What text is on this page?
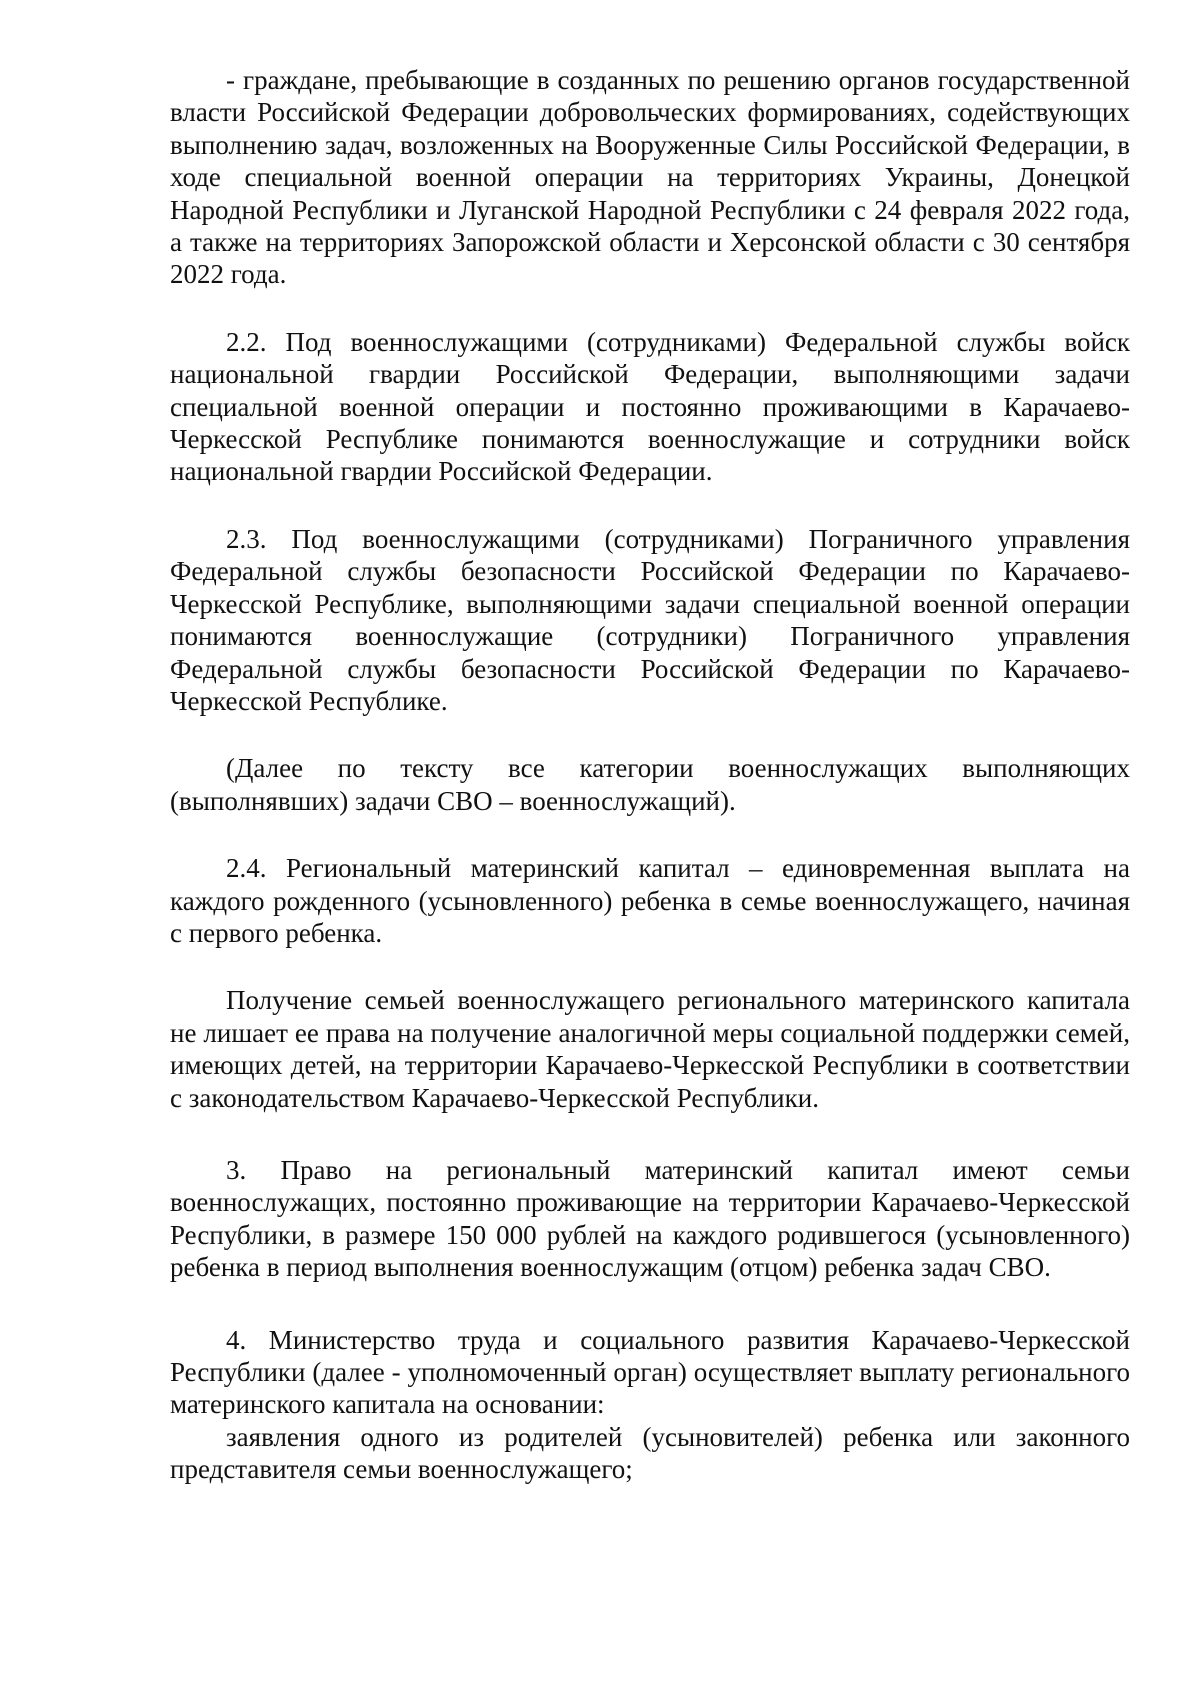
- граждане, пребывающие в созданных по решению органов государственной власти Российской Федерации добровольческих формированиях, содействующих выполнению задач, возложенных на Вооруженные Силы Российской Федерации, в ходе специальной военной операции на территориях Украины, Донецкой Народной Республики и Луганской Народной Республики с 24 февраля 2022 года, а также на территориях Запорожской области и Херсонской области с 30 сентября 2022 года.

2.2. Под военнослужащими (сотрудниками) Федеральной службы войск национальной гвардии Российской Федерации, выполняющими задачи специальной военной операции и постоянно проживающими в Карачаево-Черкесской Республике понимаются военнослужащие и сотрудники войск национальной гвардии Российской Федерации.

2.3. Под военнослужащими (сотрудниками) Пограничного управления Федеральной службы безопасности Российской Федерации по Карачаево-Черкесской Республике, выполняющими задачи специальной военной операции понимаются военнослужащие (сотрудники) Пограничного управления Федеральной службы безопасности Российской Федерации по Карачаево-Черкесской Республике.

(Далее по тексту все категории военнослужащих выполняющих (выполнявших) задачи СВО – военнослужащий).

2.4. Региональный материнский капитал – единовременная выплата на каждого рожденного (усыновленного) ребенка в семье военнослужащего, начиная с первого ребенка.

Получение семьей военнослужащего регионального материнского капитала не лишает ее права на получение аналогичной меры социальной поддержки семей, имеющих детей, на территории Карачаево-Черкесской Республики в соответствии с законодательством Карачаево-Черкесской Республики.

3. Право на региональный материнский капитал имеют семьи военнослужащих, постоянно проживающие на территории Карачаево-Черкесской Республики, в размере 150 000 рублей на каждого родившегося (усыновленного) ребенка в период выполнения военнослужащим (отцом) ребенка задач СВО.

4. Министерство труда и социального развития Карачаево-Черкесской Республики (далее - уполномоченный орган) осуществляет выплату регионального материнского капитала на основании:

заявления одного из родителей (усыновителей) ребенка или законного представителя семьи военнослужащего;
